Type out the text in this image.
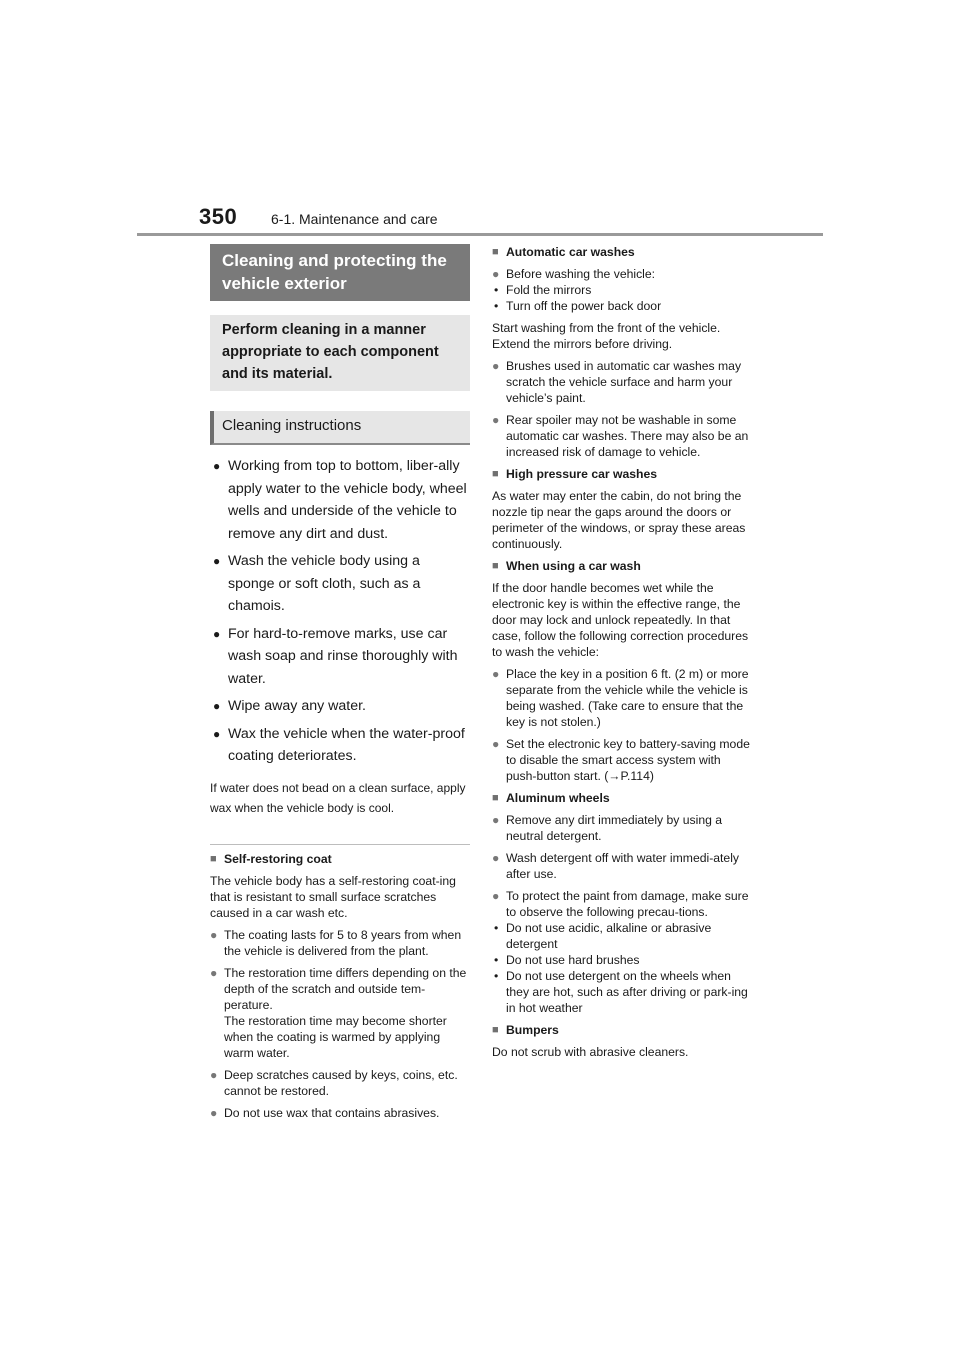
350 6-1. Maintenance and care
Cleaning and protecting the vehicle exterior
Perform cleaning in a manner appropriate to each component and its material.
Cleaning instructions
● Working from top to bottom, liber-ally apply water to the vehicle body, wheel wells and underside of the vehicle to remove any dirt and dust.
● Wash the vehicle body using a sponge or soft cloth, such as a chamois.
● For hard-to-remove marks, use car wash soap and rinse thoroughly with water.
● Wipe away any water.
● Wax the vehicle when the water-proof coating deteriorates.
If water does not bead on a clean surface, apply wax when the vehicle body is cool.
■ Self-restoring coat
The vehicle body has a self-restoring coat-ing that is resistant to small surface scratches caused in a car wash etc.
● The coating lasts for 5 to 8 years from when the vehicle is delivered from the plant.
● The restoration time differs depending on the depth of the scratch and outside tem-perature.
The restoration time may become shorter when the coating is warmed by applying warm water.
● Deep scratches caused by keys, coins, etc. cannot be restored.
● Do not use wax that contains abrasives.
■ Automatic car washes
● Before washing the vehicle:
• Fold the mirrors
• Turn off the power back door
Start washing from the front of the vehicle. Extend the mirrors before driving.
● Brushes used in automatic car washes may scratch the vehicle surface and harm your vehicle’s paint.
● Rear spoiler may not be washable in some automatic car washes. There may also be an increased risk of damage to vehicle.
■ High pressure car washes
As water may enter the cabin, do not bring the nozzle tip near the gaps around the doors or perimeter of the windows, or spray these areas continuously.
■ When using a car wash
If the door handle becomes wet while the electronic key is within the effective range, the door may lock and unlock repeatedly. In that case, follow the following correction procedures to wash the vehicle:
● Place the key in a position 6 ft. (2 m) or more separate from the vehicle while the vehicle is being washed. (Take care to ensure that the key is not stolen.)
● Set the electronic key to battery-saving mode to disable the smart access system with push-button start. (→P.114)
■ Aluminum wheels
● Remove any dirt immediately by using a neutral detergent.
● Wash detergent off with water immedi-ately after use.
● To protect the paint from damage, make sure to observe the following precau-tions.
• Do not use acidic, alkaline or abrasive detergent
• Do not use hard brushes
• Do not use detergent on the wheels when they are hot, such as after driving or park-ing in hot weather
■ Bumpers
Do not scrub with abrasive cleaners.
